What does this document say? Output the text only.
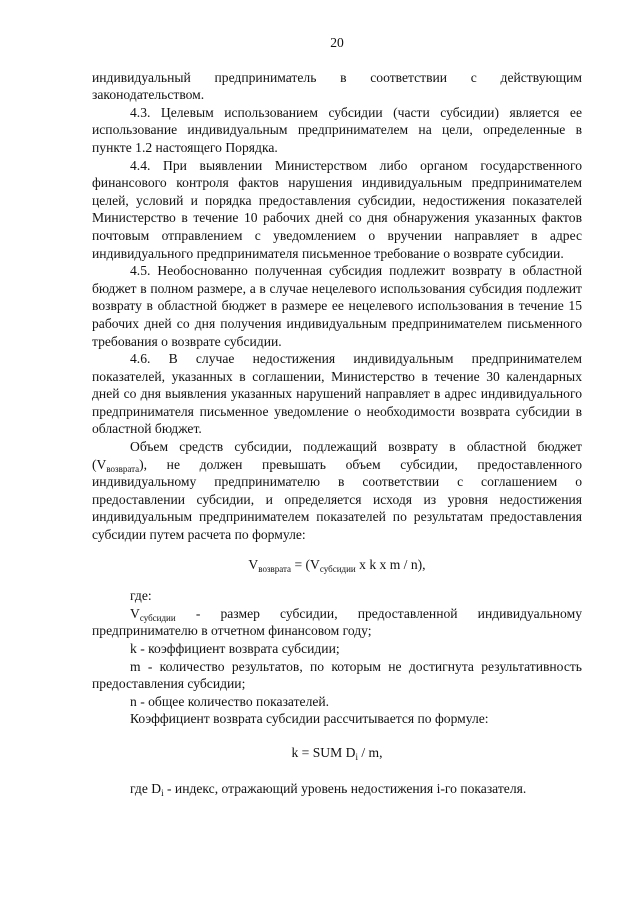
20

индивидуальный предприниматель в соответствии с действующим законодательством.

4.3. Целевым использованием субсидии (части субсидии) является ее использование индивидуальным предпринимателем на цели, определенные в пункте 1.2 настоящего Порядка.

4.4. При выявлении Министерством либо органом государственного финансового контроля фактов нарушения индивидуальным предпринимателем целей, условий и порядка предоставления субсидии, недостижения показателей Министерство в течение 10 рабочих дней со дня обнаружения указанных фактов почтовым отправлением с уведомлением о вручении направляет в адрес индивидуального предпринимателя письменное требование о возврате субсидии.

4.5. Необоснованно полученная субсидия подлежит возврату в областной бюджет в полном размере, а в случае нецелевого использования субсидия подлежит возврату в областной бюджет в размере ее нецелевого использования в течение 15 рабочих дней со дня получения индивидуальным предпринимателем письменного требования о возврате субсидии.

4.6. В случае недостижения индивидуальным предпринимателем показателей, указанных в соглашении, Министерство в течение 30 календарных дней со дня выявления указанных нарушений направляет в адрес индивидуального предпринимателя письменное уведомление о необходимости возврата субсидии в областной бюджет.

Объем средств субсидии, подлежащий возврату в областной бюджет $(V_{возврата})$, не должен превышать объем субсидии, предоставленного индивидуальному предпринимателю в соответствии с соглашением о предоставлении субсидии, и определяется исходя из уровня недостижения индивидуальным предпринимателем показателей по результатам предоставления субсидии путем расчета по формуле:

$V_{возврата} = (V_{субсидии}$ x k x m / n),

где:

$V_{субсидии}$ - размер субсидии, предоставленной индивидуальному предпринимателю в отчетном финансовом году;

k - коэффициент возврата субсидии;

m - количество результатов, по которым не достигнута результативность предоставления субсидии;

n - общее количество показателей.

Коэффициент возврата субсидии рассчитывается по формуле:

k = SUM $D_i$ / m,

где $D_i$ - индекс, отражающий уровень недостижения i-го показателя.
